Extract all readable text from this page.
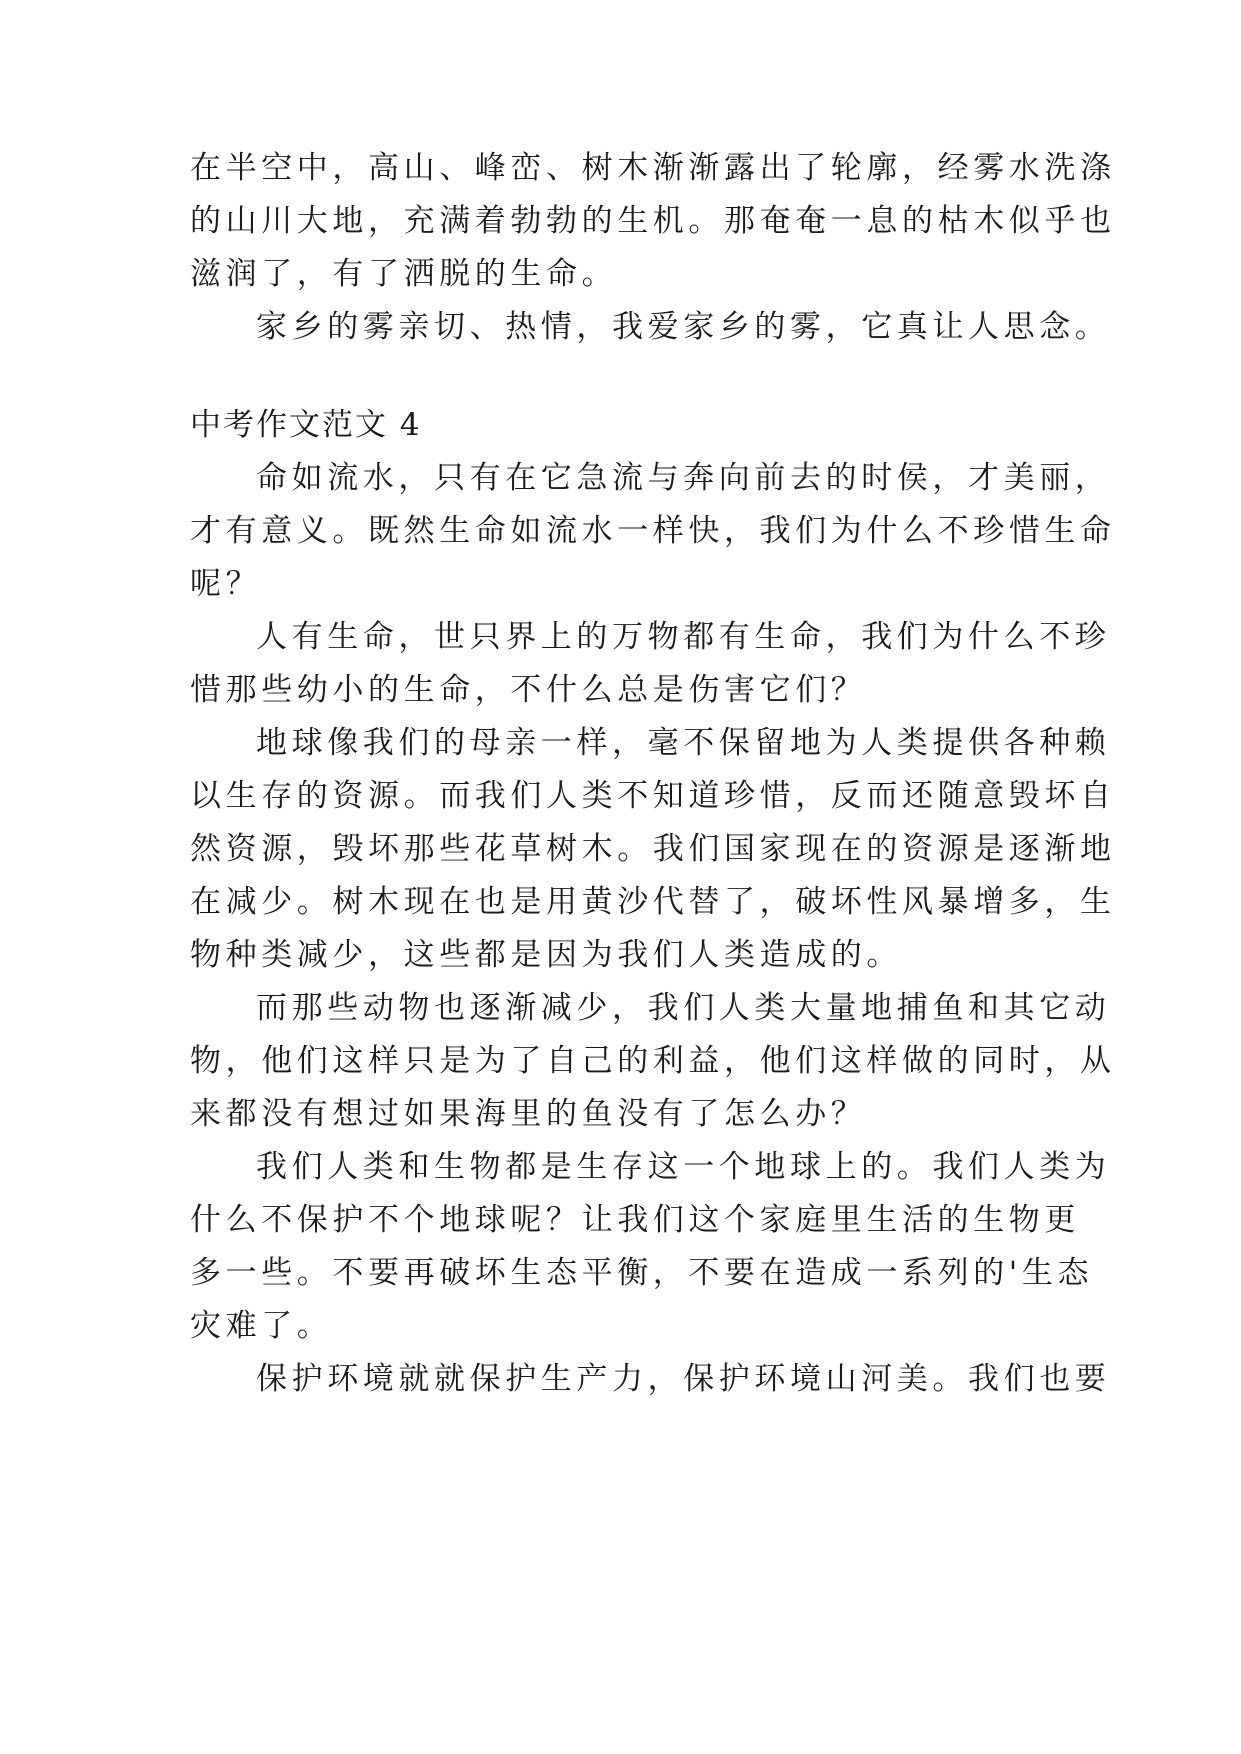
在半空中，高山、峰峦、树木渐渐露出了轮廓，经雾水洗涤
的山川大地，充满着勃勃的生机。那奄奄一息的枯木似乎也
滋润了，有了洒脱的生命。
家乡的雾亲切、热情，我爱家乡的雾，它真让人思念。
中考作文范文 4
命如流水，只有在它急流与奔向前去的时侯，才美丽，
才有意义。既然生命如流水一样快，我们为什么不珍惜生命
呢？
人有生命，世只界上的万物都有生命，我们为什么不珍
惜那些幼小的生命，不什么总是伤害它们？
地球像我们的母亲一样，毫不保留地为人类提供各种赖
以生存的资源。而我们人类不知道珍惜，反而还随意毁坏自
然资源，毁坏那些花草树木。我们国家现在的资源是逐渐地
在减少。树木现在也是用黄沙代替了，破坏性风暴增多，生
物种类减少，这些都是因为我们人类造成的。
而那些动物也逐渐减少，我们人类大量地捕鱼和其它动
物，他们这样只是为了自己的利益，他们这样做的同时，从
来都没有想过如果海里的鱼没有了怎么办？
我们人类和生物都是生存这一个地球上的。我们人类为
什么不保护不个地球呢？让我们这个家庭里生活的生物更
多一些。不要再破坏生态平衡，不要在造成一系列的'生态
灾难了。
保护环境就就保护生产力，保护环境山河美。我们也要
